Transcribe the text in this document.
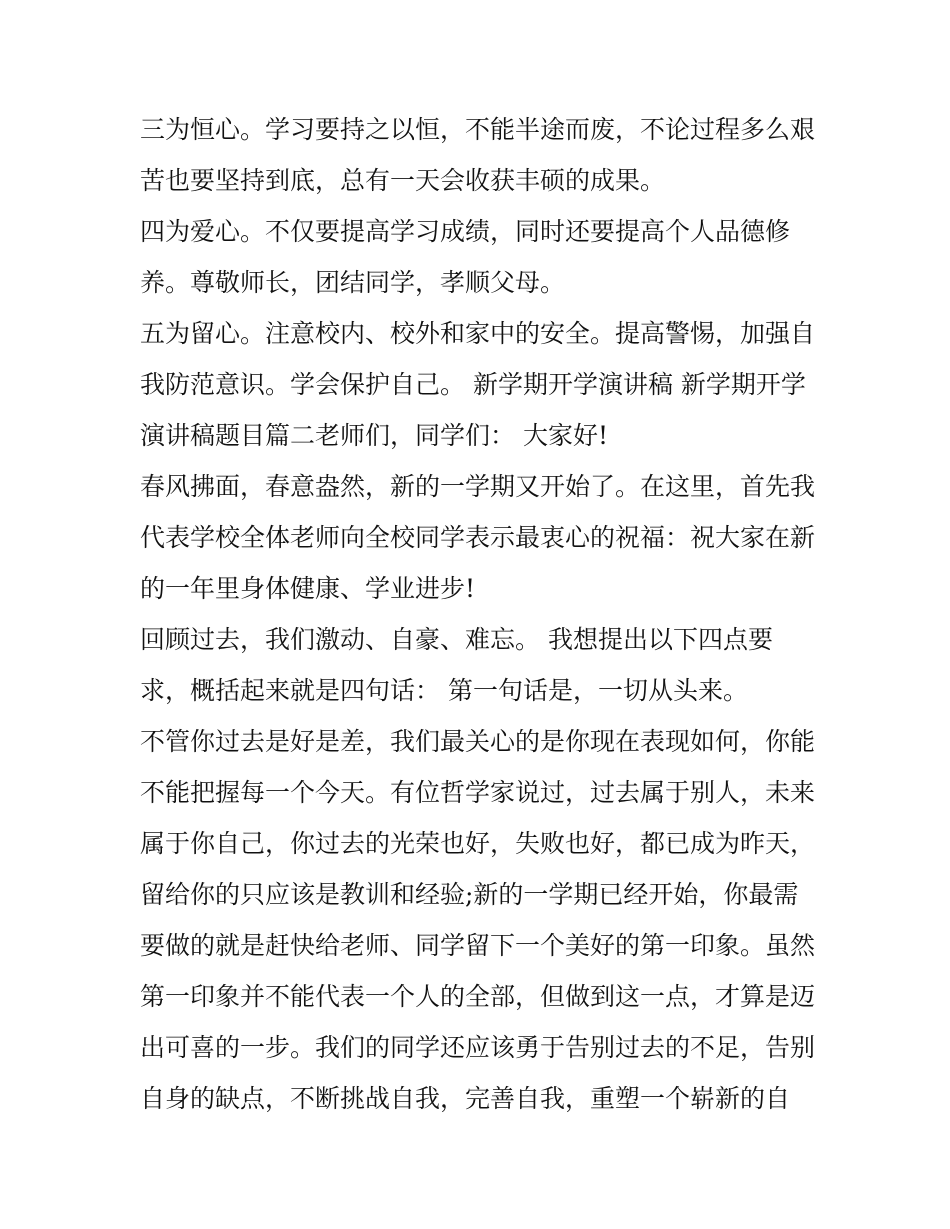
三为恒心。学习要持之以恒，不能半途而废，不论过程多么艰
苦也要坚持到底，总有一天会收获丰硕的成果。
四为爱心。不仅要提高学习成绩，同时还要提高个人品德修
养。尊敬师长，团结同学，孝顺父母。
五为留心。注意校内、校外和家中的安全。提高警惕，加强自
我防范意识。学会保护自己。 新学期开学演讲稿 新学期开学
演讲稿题目篇二老师们，同学们： 大家好!
春风拂面，春意盎然，新的一学期又开始了。在这里，首先我
代表学校全体老师向全校同学表示最衷心的祝福：祝大家在新
的一年里身体健康、学业进步!
回顾过去，我们激动、自豪、难忘。 我想提出以下四点要
求，概括起来就是四句话： 第一句话是，一切从头来。
不管你过去是好是差，我们最关心的是你现在表现如何，你能
不能把握每一个今天。有位哲学家说过，过去属于别人，未来
属于你自己，你过去的光荣也好，失败也好，都已成为昨天，
留给你的只应该是教训和经验;新的一学期已经开始，你最需
要做的就是赶快给老师、同学留下一个美好的第一印象。虽然
第一印象并不能代表一个人的全部，但做到这一点，才算是迈
出可喜的一步。我们的同学还应该勇于告别过去的不足，告别
自身的缺点，不断挑战自我，完善自我，重塑一个崭新的自
